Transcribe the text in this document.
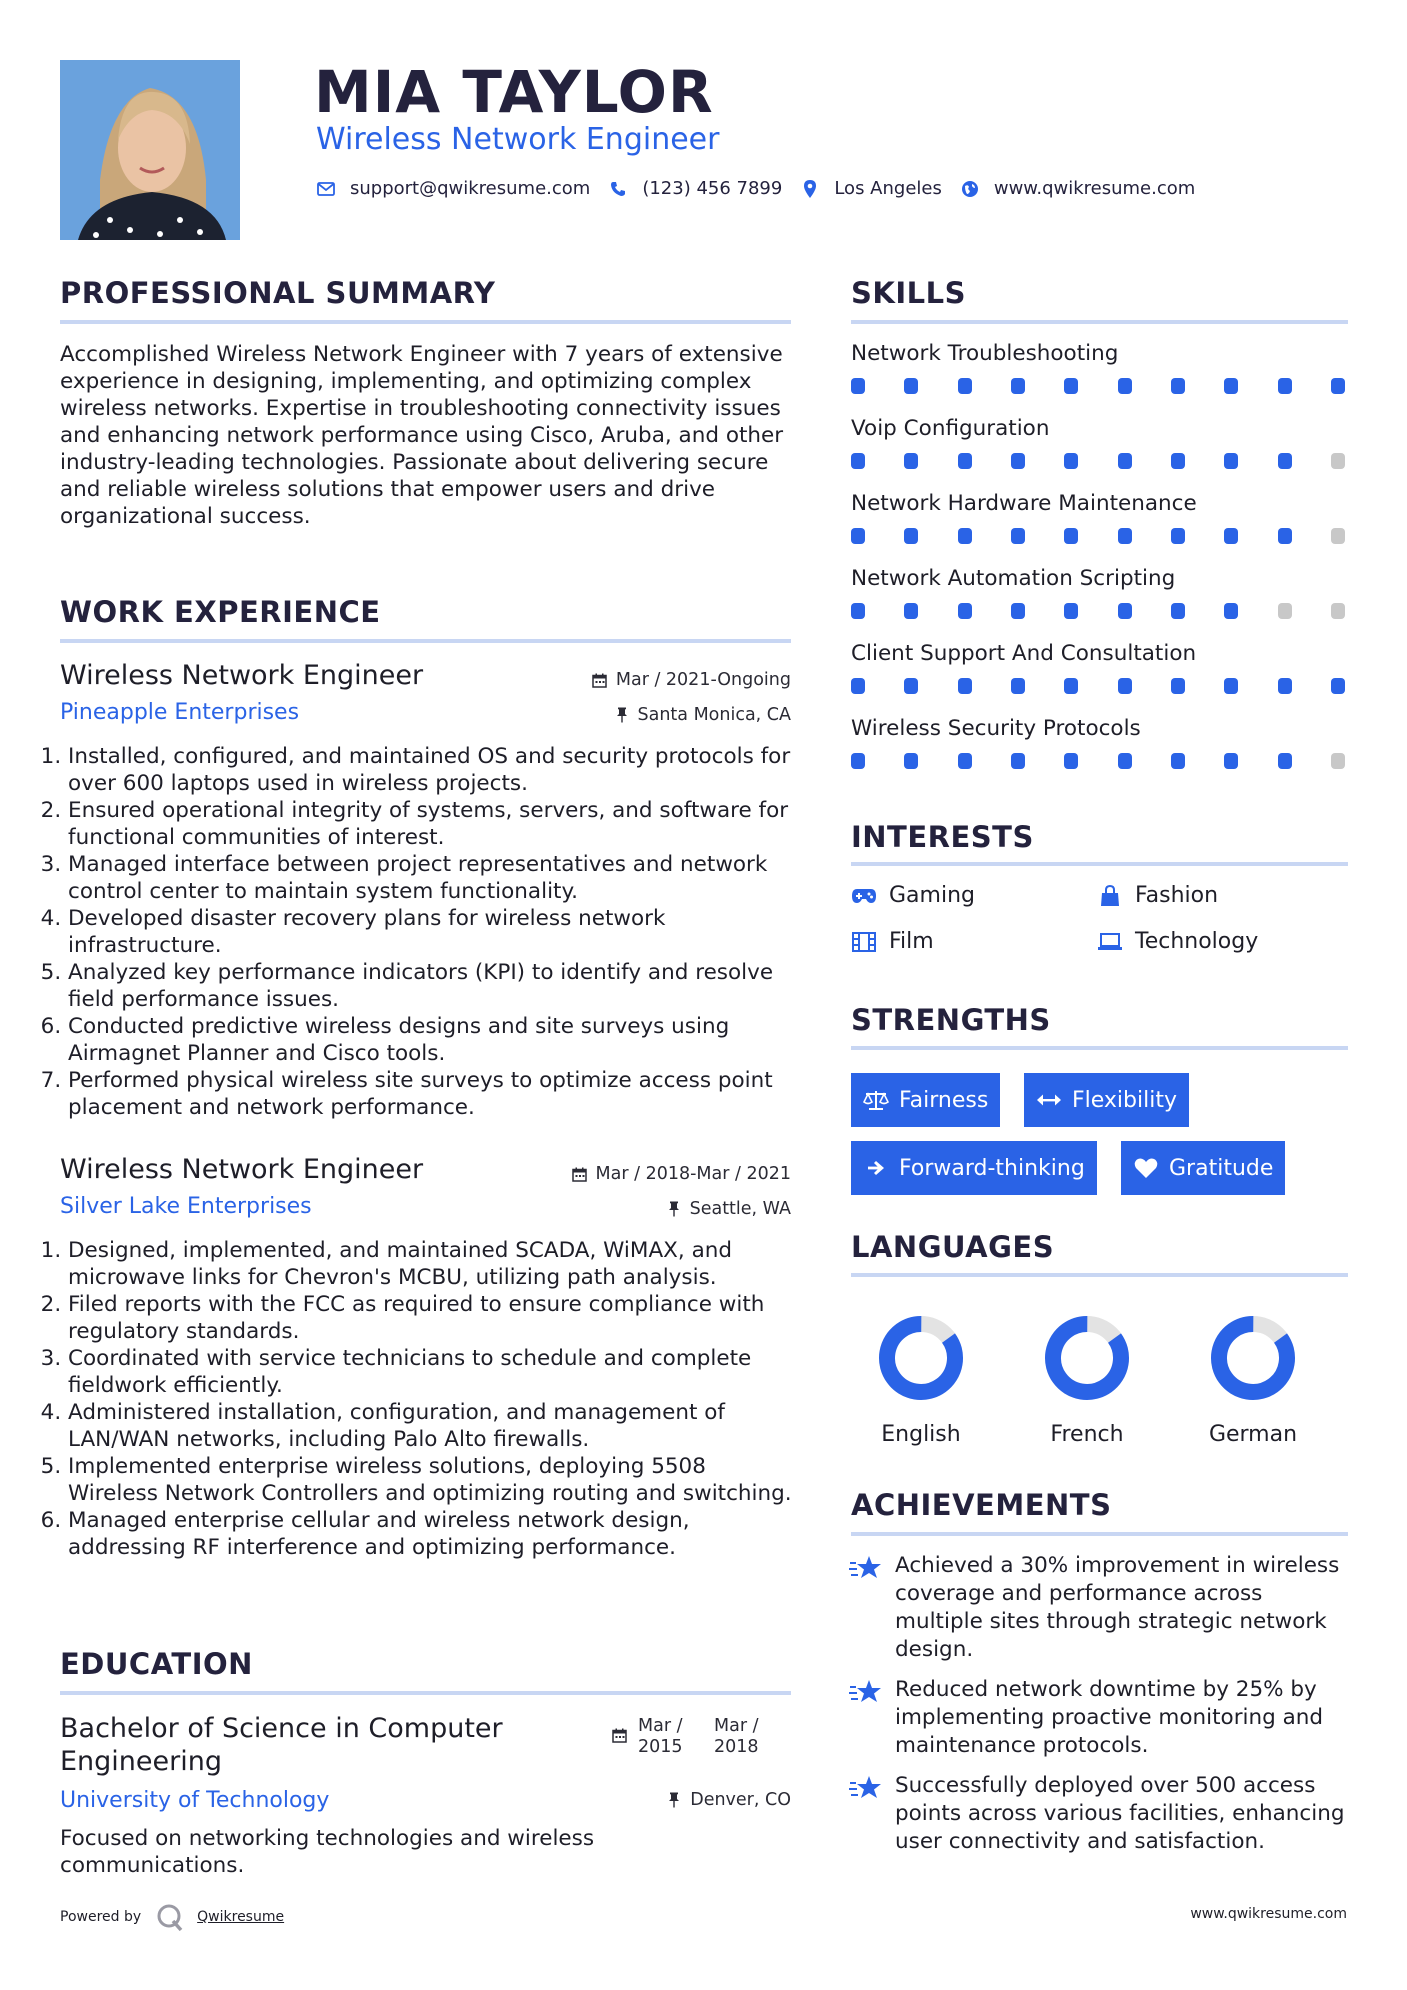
MIA TAYLOR
Wireless Network Engineer
support@qwikresume.com	(123) 456 7899	Los Angeles	www.qwikresume.com
PROFESSIONAL SUMMARY
Accomplished Wireless Network Engineer with 7 years of extensive experience in designing, implementing, and optimizing complex wireless networks. Expertise in troubleshooting connectivity issues and enhancing network performance using Cisco, Aruba, and other industry-leading technologies. Passionate about delivering secure and reliable wireless solutions that empower users and drive organizational success.
WORK EXPERIENCE
Wireless Network Engineer	Mar / 2021-Ongoing
Pineapple Enterprises	Santa Monica, CA
1. Installed, configured, and maintained OS and security protocols for over 600 laptops used in wireless projects.
2. Ensured operational integrity of systems, servers, and software for functional communities of interest.
3. Managed interface between project representatives and network control center to maintain system functionality.
4. Developed disaster recovery plans for wireless network infrastructure.
5. Analyzed key performance indicators (KPI) to identify and resolve field performance issues.
6. Conducted predictive wireless designs and site surveys using Airmagnet Planner and Cisco tools.
7. Performed physical wireless site surveys to optimize access point placement and network performance.
Wireless Network Engineer	Mar / 2018-Mar / 2021
Silver Lake Enterprises	Seattle, WA
1. Designed, implemented, and maintained SCADA, WiMAX, and microwave links for Chevron's MCBU, utilizing path analysis.
2. Filed reports with the FCC as required to ensure compliance with regulatory standards.
3. Coordinated with service technicians to schedule and complete fieldwork efficiently.
4. Administered installation, configuration, and management of LAN/WAN networks, including Palo Alto firewalls.
5. Implemented enterprise wireless solutions, deploying 5508 Wireless Network Controllers and optimizing routing and switching.
6. Managed enterprise cellular and wireless network design, addressing RF interference and optimizing performance.
EDUCATION
Bachelor of Science in Computer Engineering
Mar / 2015
Mar / 2018
University of Technology	Denver, CO
Focused on networking technologies and wireless communications.
SKILLS
Network Troubleshooting
Voip Configuration
Network Hardware Maintenance
Network Automation Scripting
Client Support And Consultation
Wireless Security Protocols
INTERESTS
Gaming	Fashion
Film	Technology
STRENGTHS
Fairness	Flexibility
Forward-thinking	Gratitude
LANGUAGES
English	French	German
ACHIEVEMENTS
Achieved a 30% improvement in wireless coverage and performance across multiple sites through strategic network design.
Reduced network downtime by 25% by implementing proactive monitoring and maintenance protocols.
Successfully deployed over 500 access points across various facilities, enhancing user connectivity and satisfaction.
Powered by	Qwikresume	www.qwikresume.com
